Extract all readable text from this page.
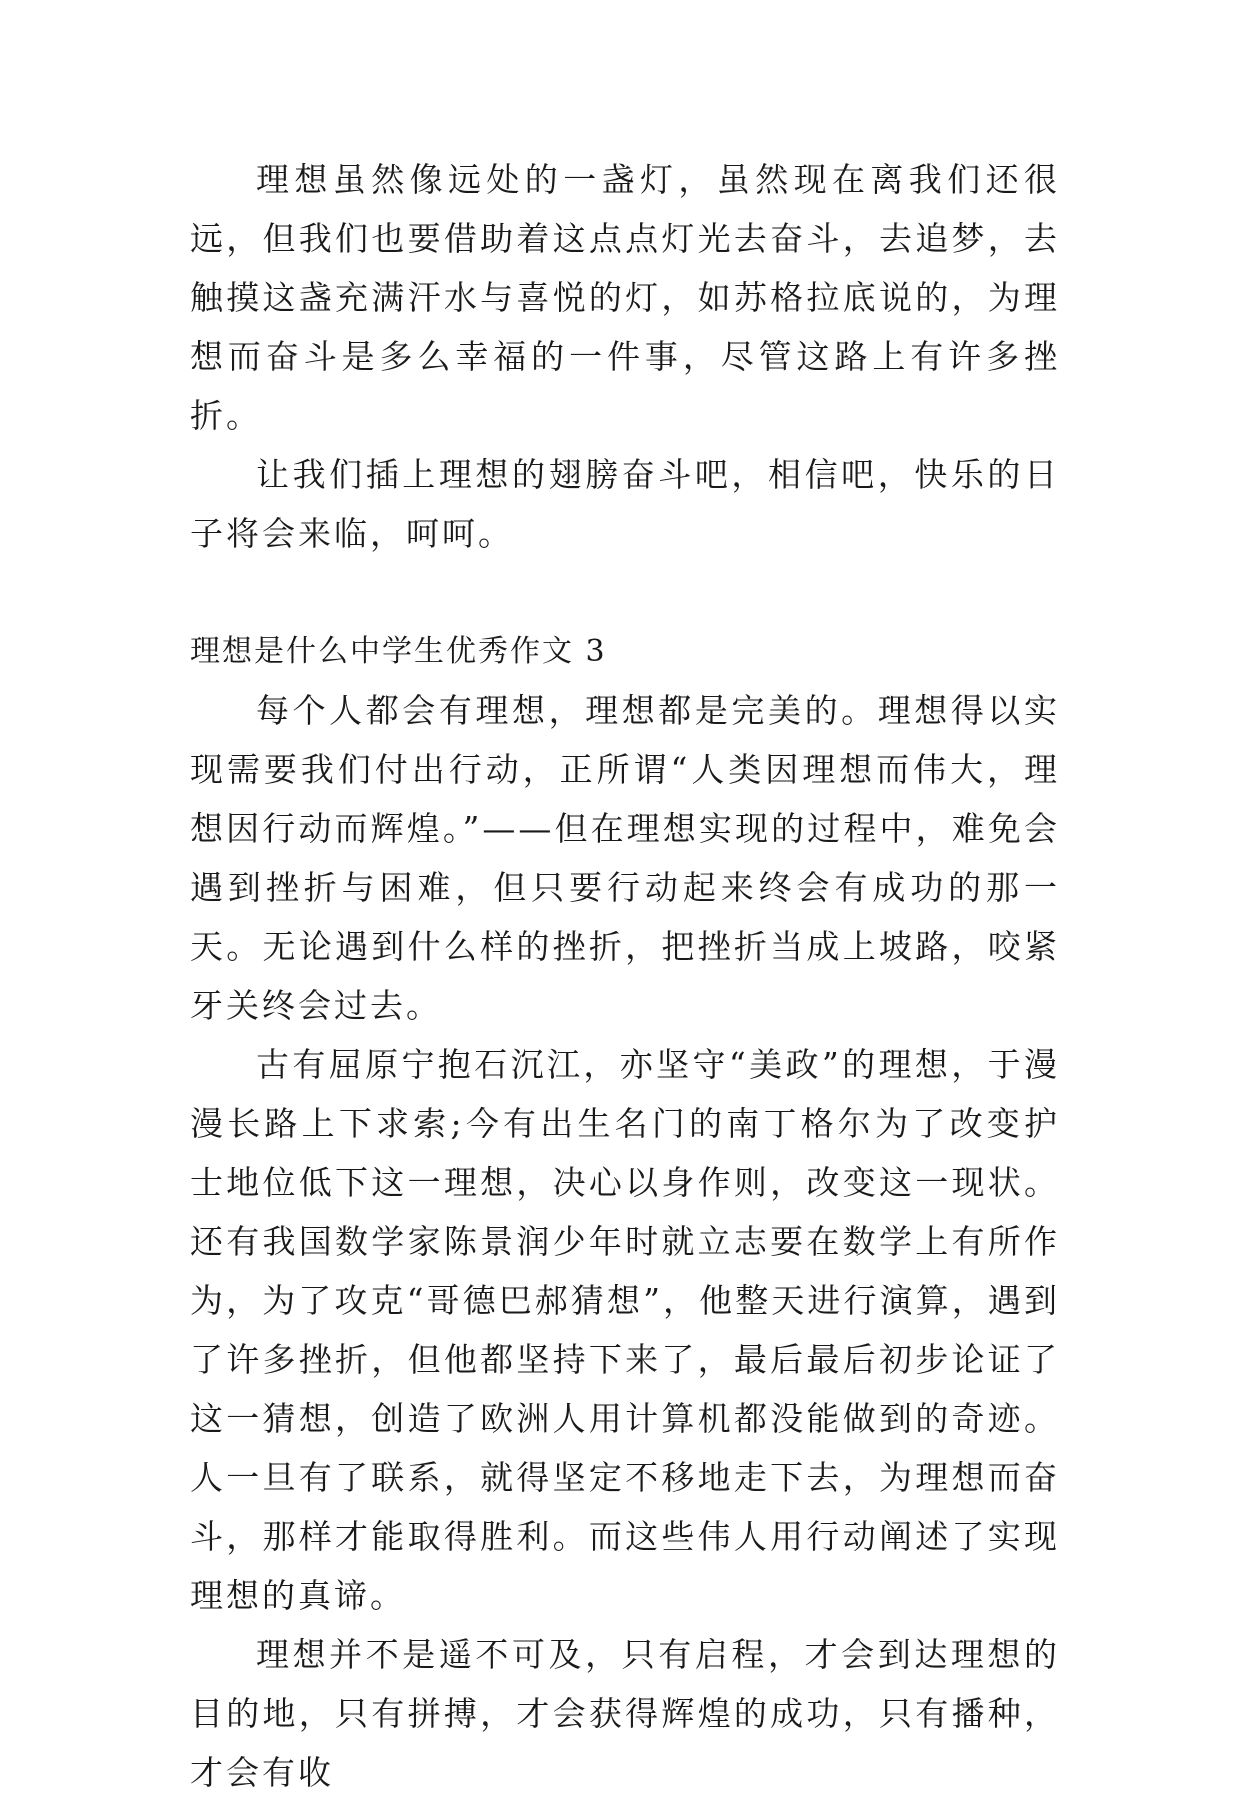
理想虽然像远处的一盏灯，虽然现在离我们还很远，但我们也要借助着这点点灯光去奋斗，去追梦，去触摸这盏充满汗水与喜悦的灯，如苏格拉底说的，为理想而奋斗是多么幸福的一件事，尽管这路上有许多挫折。

让我们插上理想的翅膀奋斗吧，相信吧，快乐的日子将会来临，呵呵。

理想是什么中学生优秀作文 3

每个人都会有理想，理想都是完美的。理想得以实现需要我们付出行动，正所谓“人类因理想而伟大，理想因行动而辉煌。”——但在理想实现的过程中，难免会遇到挫折与困难，但只要行动起来终会有成功的那一天。无论遇到什么样的挫折，把挫折当成上坡路，咬紧牙关终会过去。

古有屈原宁抱石沉江，亦坚守“美政”的理想，于漫漫长路上下求索;今有出生名门的南丁格尔为了改变护士地位低下这一理想，决心以身作则，改变这一现状。还有我国数学家陈景润少年时就立志要在数学上有所作为，为了攻克“哥德巴郝猜想”，他整天进行演算，遇到了许多挫折，但他都坚持下来了，最后最后初步论证了这一猜想，创造了欧洲人用计算机都没能做到的奇迹。人一旦有了联系，就得坚定不移地走下去，为理想而奋斗，那样才能取得胜利。而这些伟人用行动阐述了实现理想的真谛。

理想并不是遥不可及，只有启程，才会到达理想的目的地，只有拼搏，才会获得辉煌的成功，只有播种，才会有收
